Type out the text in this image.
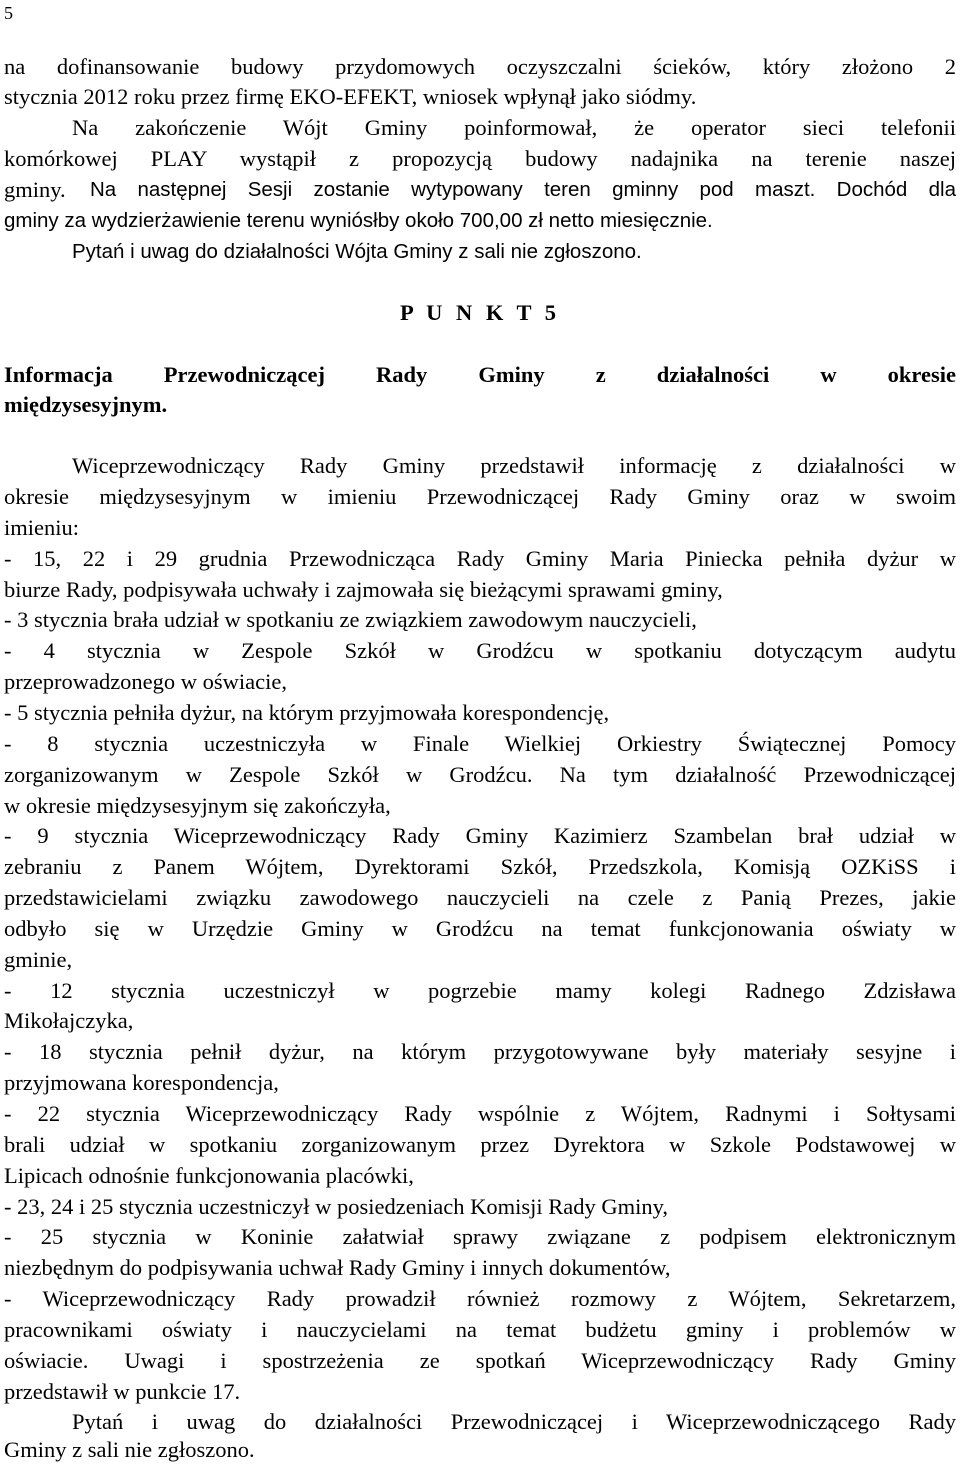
5
na dofinansowanie budowy przydomowych oczyszczalni ścieków, który złożono 2
stycznia 2012 roku przez firmę EKO-EFEKT, wniosek wpłynął jako siódmy.
Na zakończenie Wójt Gminy poinformował, że operator sieci telefonii
komórkowej PLAY wystąpił z propozycją budowy nadajnika na terenie naszej
gminy.	Na następnej Sesji zostanie wytypowany teren gminny pod maszt. Dochód dla
gminy za wydzierżawienie terenu wyniósłby około 700,00 zł netto miesięcznie.
Pytań i uwag do działalności Wójta Gminy z sali nie zgłoszono.
P U N K T 5
Informacja Przewodniczącej Rady Gminy z działalności w okresie
międzysesyjnym.
Wiceprzewodniczący Rady Gminy przedstawił informację z działalności w
okresie międzysesyjnym w imieniu Przewodniczącej Rady Gminy oraz w swoim
imieniu:
- 15, 22 i 29 grudnia Przewodnicząca Rady Gminy Maria Piniecka pełniła dyżur w
biurze Rady, podpisywała uchwały i zajmowała się bieżącymi sprawami gminy,
- 3 stycznia brała udział w spotkaniu ze związkiem zawodowym nauczycieli,
- 4 stycznia w Zespole Szkół w Grodźcu w spotkaniu dotyczącym audytu
przeprowadzonego w oświacie,
- 5 stycznia pełniła dyżur, na którym przyjmowała korespondencję,
- 8 stycznia uczestniczyła w Finale Wielkiej Orkiestry Świątecznej Pomocy
zorganizowanym w Zespole Szkół w Grodźcu. Na tym działalność Przewodniczącej
w okresie międzysesyjnym się zakończyła,
- 9 stycznia Wiceprzewodniczący Rady Gminy Kazimierz Szambelan brał udział w
zebraniu z Panem Wójtem, Dyrektorami Szkół, Przedszkola, Komisją OZKiSS i
przedstawicielami związku zawodowego nauczycieli na czele z Panią Prezes, jakie
odbyło się w Urzędzie Gminy w Grodźcu na temat funkcjonowania oświaty w
gminie,
- 12 stycznia uczestniczył w pogrzebie mamy kolegi Radnego Zdzisława
Mikołajczyka,
- 18 stycznia pełnił dyżur, na którym przygotowywane były materiały sesyjne i
przyjmowana korespondencja,
- 22 stycznia Wiceprzewodniczący Rady wspólnie z Wójtem, Radnymi i Sołtysami
brali udział w spotkaniu zorganizowanym przez Dyrektora w Szkole Podstawowej w
Lipicach odnośnie funkcjonowania placówki,
- 23, 24 i 25 stycznia uczestniczył w posiedzeniach Komisji Rady Gminy,
- 25 stycznia w Koninie załatwiał sprawy związane z podpisem elektronicznym
niezbędnym do podpisywania uchwał Rady Gminy i innych dokumentów,
- Wiceprzewodniczący Rady prowadził również rozmowy z Wójtem, Sekretarzem,
pracownikami oświaty i nauczycielami na temat budżetu gminy i problemów w
oświacie. Uwagi i spostrzeżenia ze spotkań Wiceprzewodniczący Rady Gminy
przedstawił w punkcie 17.
Pytań i uwag do działalności Przewodniczącej i Wiceprzewodniczącego Rady
Gminy z sali nie zgłoszono.
